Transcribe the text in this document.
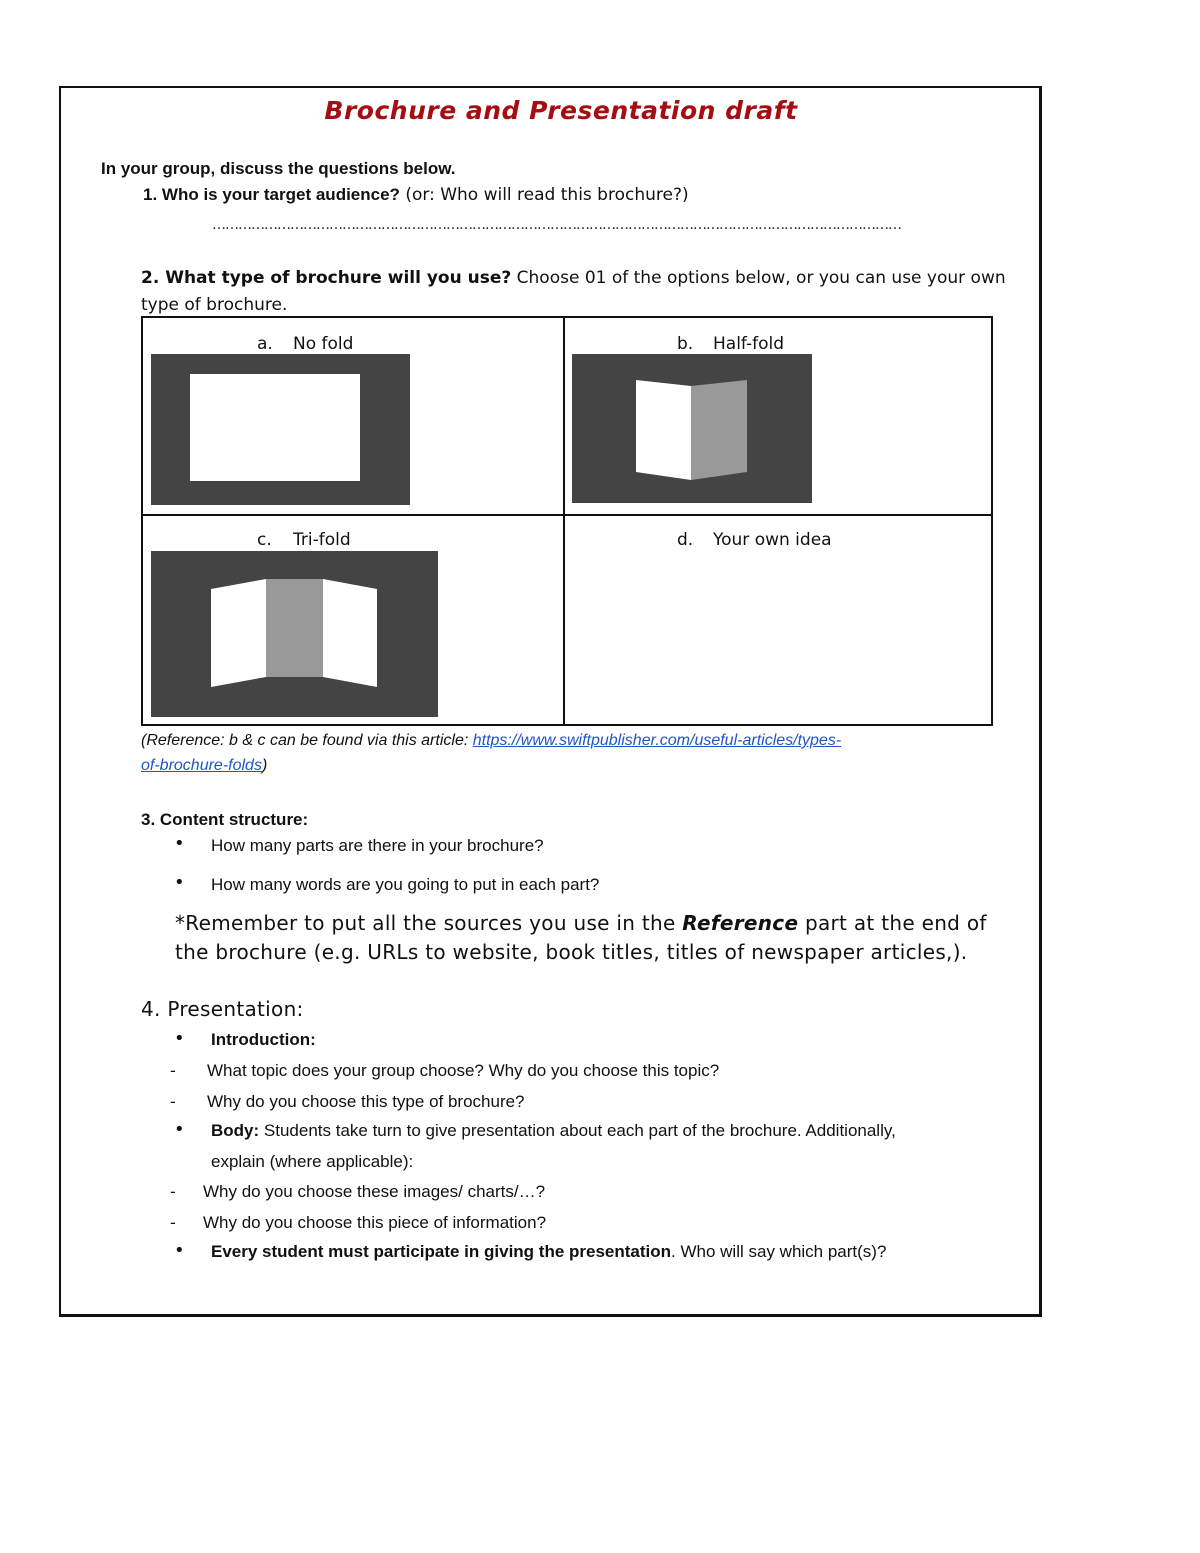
Brochure and Presentation draft
In your group, discuss the questions below.
1. Who is your target audience? (or: Who will read this brochure?)
……………………………………………………………………………………………………………………………………………
2. What type of brochure will you use? Choose 01 of the options below, or you can use your own
type of brochure.
a. No fold	b. Half-fold
c. Tri-fold	d. Your own idea
(Reference: b & c can be found via this article: https://www.swiftpublisher.com/useful-articles/types-
of-brochure-folds)
3. Content structure:
• How many parts are there in your brochure?
• How many words are you going to put in each part?
*Remember to put all the sources you use in the Reference part at the end of
the brochure (e.g. URLs to website, book titles, titles of newspaper articles,).
4. Presentation:
• Introduction:
- What topic does your group choose? Why do you choose this topic?
- Why do you choose this type of brochure?
• Body: Students take turn to give presentation about each part of the brochure. Additionally,
explain (where applicable):
- Why do you choose these images/ charts/…?
- Why do you choose this piece of information?
• Every student must participate in giving the presentation. Who will say which part(s)?
